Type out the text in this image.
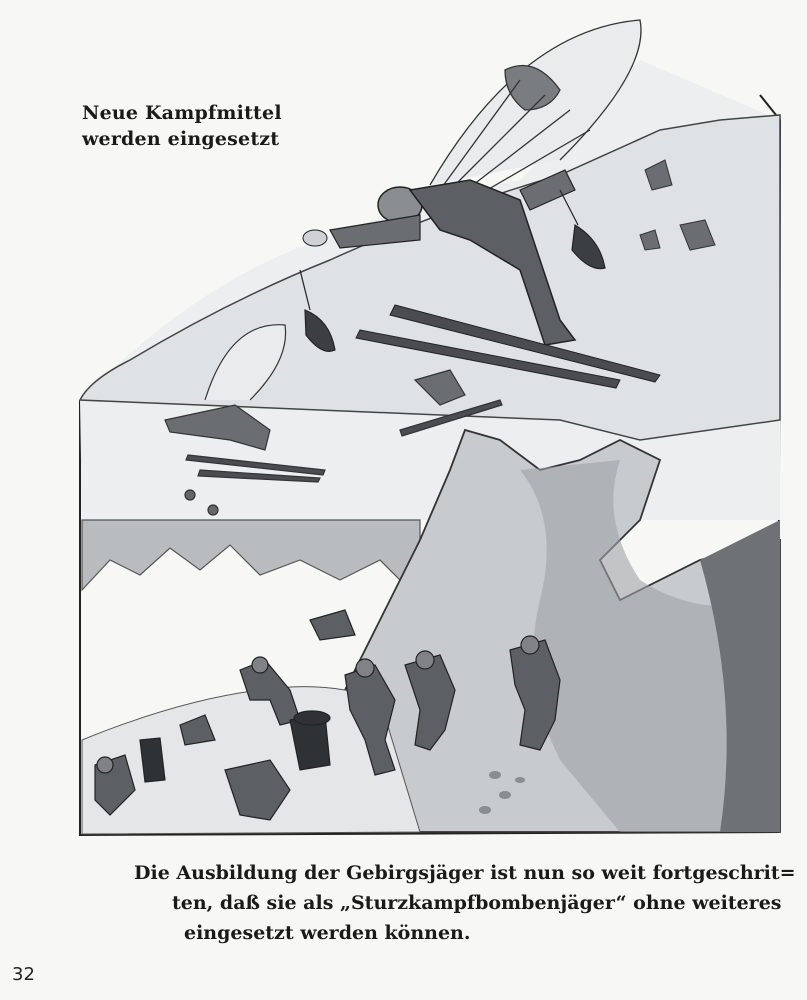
Neue Kampfmittel
werden eingesetzt
Die Ausbildung der Gebirgsjäger ist nun so weit fortgeschrit=
ten, daß sie als „Sturzkampfbombenjäger“ ohne weiteres
eingesetzt werden können.
32
